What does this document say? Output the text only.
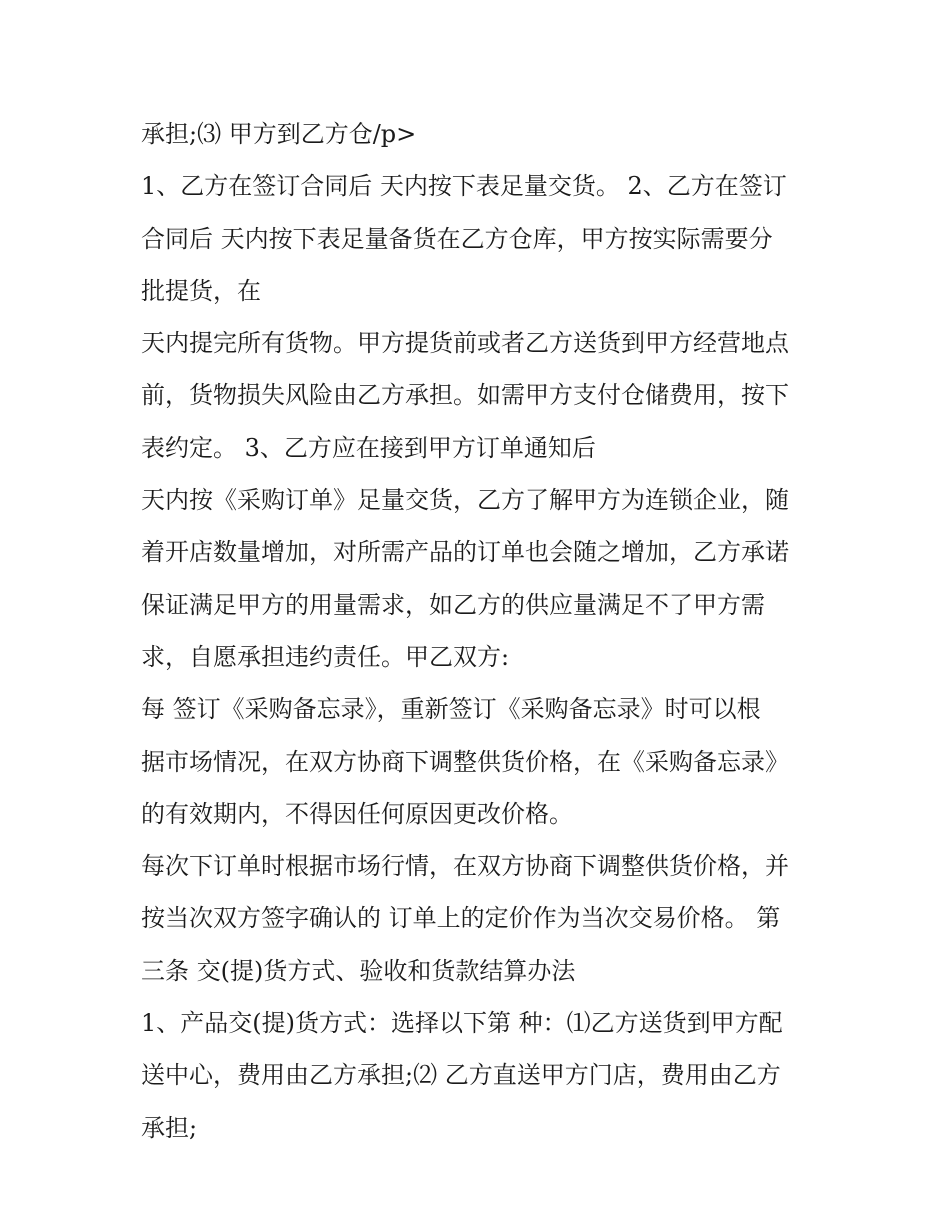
承担;⑶ 甲方到乙方仓/p>
1、乙方在签订合同后 天内按下表足量交货。 2、乙方在签订
合同后 天内按下表足量备货在乙方仓库，甲方按实际需要分
批提货，在
天内提完所有货物。甲方提货前或者乙方送货到甲方经营地点
前，货物损失风险由乙方承担。如需甲方支付仓储费用，按下
表约定。 3、乙方应在接到甲方订单通知后
天内按《采购订单》足量交货，乙方了解甲方为连锁企业，随
着开店数量增加，对所需产品的订单也会随之增加，乙方承诺
保证满足甲方的用量需求，如乙方的供应量满足不了甲方需
求，自愿承担违约责任。甲乙双方:
每 签订《采购备忘录》，重新签订《采购备忘录》时可以根
据市场情况，在双方协商下调整供货价格，在《采购备忘录》
的有效期内，不得因任何原因更改价格。
每次下订单时根据市场行情，在双方协商下调整供货价格，并
按当次双方签字确认的 订单上的定价作为当次交易价格。 第
三条 交(提)货方式、验收和货款结算办法
1、产品交(提)货方式：选择以下第 种：⑴乙方送货到甲方配
送中心，费用由乙方承担;⑵ 乙方直送甲方门店，费用由乙方
承担;
